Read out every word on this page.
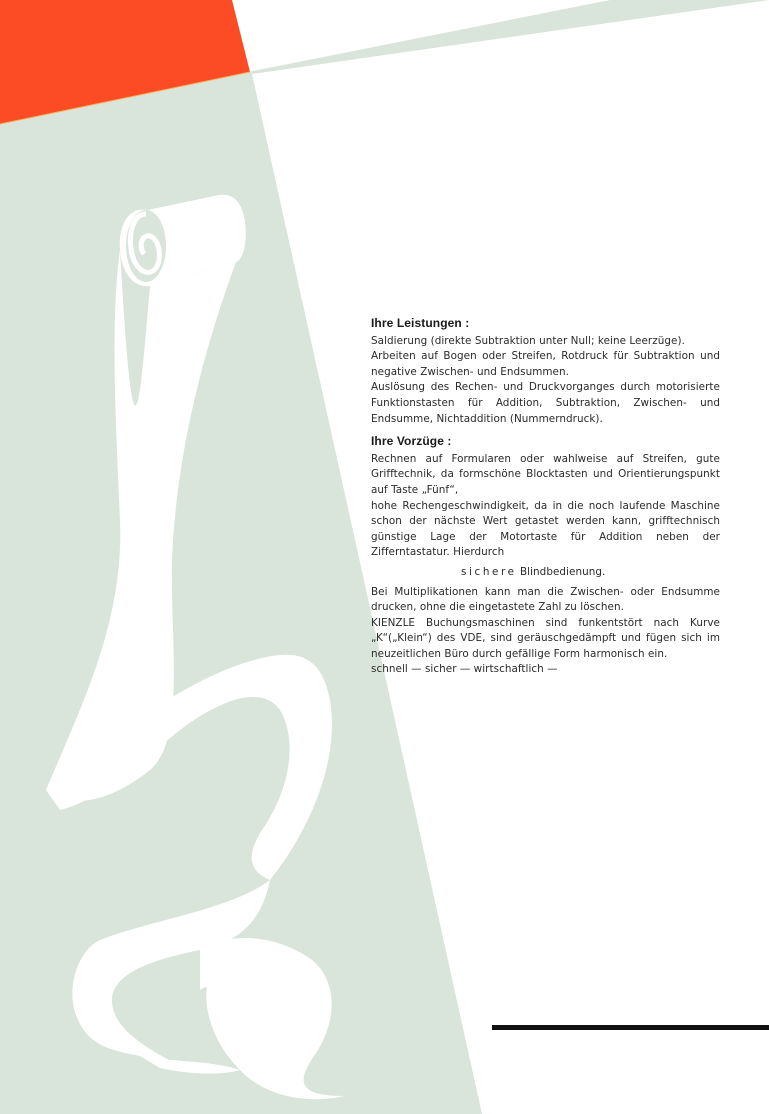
Ihre Leistungen :

Saldierung (direkte Subtraktion unter Null; keine Leerzüge).

Arbeiten auf Bogen oder Streifen, Rotdruck für Subtraktion und negative Zwischen- und Endsummen.

Auslösung des Rechen- und Druckvorganges durch motorisierte Funktionstasten für Addition, Subtraktion, Zwischen- und Endsumme, Nichtaddition (Nummerndruck).

Ihre Vorzüge :

Rechnen auf Formularen oder wahlweise auf Streifen, gute Grifftechnik, da formschöne Blocktasten und Orientierungspunkt auf Taste „Fünf“,

hohe Rechengeschwindigkeit, da in die noch laufende Maschine schon der nächste Wert getastet werden kann, grifftechnisch günstige Lage der Motortaste für Addition neben der Zifferntastatur. Hierdurch

sichere Blindbedienung.

Bei Multiplikationen kann man die Zwischen- oder Endsumme drucken, ohne die eingetastete Zahl zu löschen.

KIENZLE Buchungsmaschinen sind funkentstört nach Kurve „K“(„Klein“) des VDE, sind geräuschgedämpft und fügen sich im neuzeitlichen Büro durch gefällige Form harmonisch ein.

schnell — sicher — wirtschaftlich —
